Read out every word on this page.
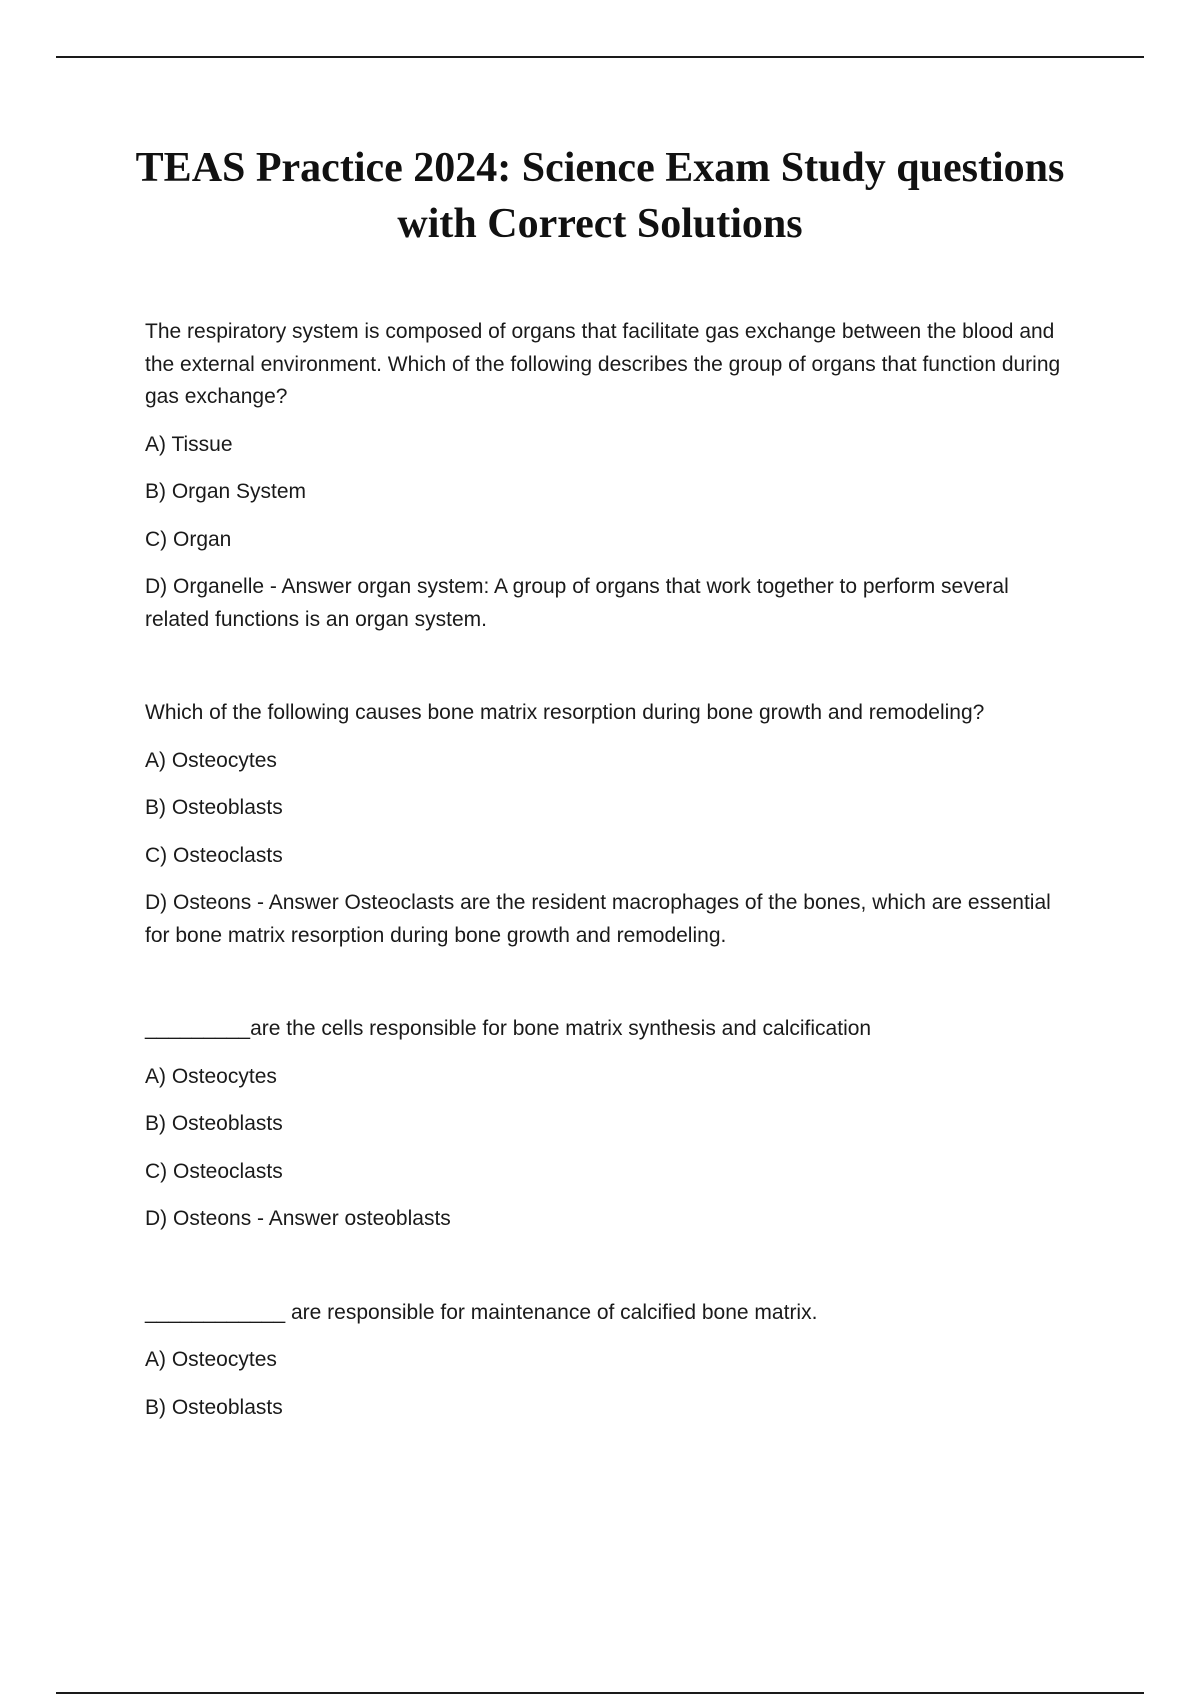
TEAS Practice 2024: Science Exam Study questions with Correct Solutions

The respiratory system is composed of organs that facilitate gas exchange between the blood and the external environment. Which of the following describes the group of organs that function during gas exchange?

A) Tissue

B) Organ System

C) Organ

D) Organelle - Answer organ system: A group of organs that work together to perform several related functions is an organ system.

Which of the following causes bone matrix resorption during bone growth and remodeling?

A) Osteocytes

B) Osteoblasts

C) Osteoclasts

D) Osteons - Answer Osteoclasts are the resident macrophages of the bones, which are essential for bone matrix resorption during bone growth and remodeling.

_________are the cells responsible for bone matrix synthesis and calcification

A) Osteocytes

B) Osteoblasts

C) Osteoclasts

D) Osteons - Answer osteoblasts

____________ are responsible for maintenance of calcified bone matrix.

A) Osteocytes

B) Osteoblasts
